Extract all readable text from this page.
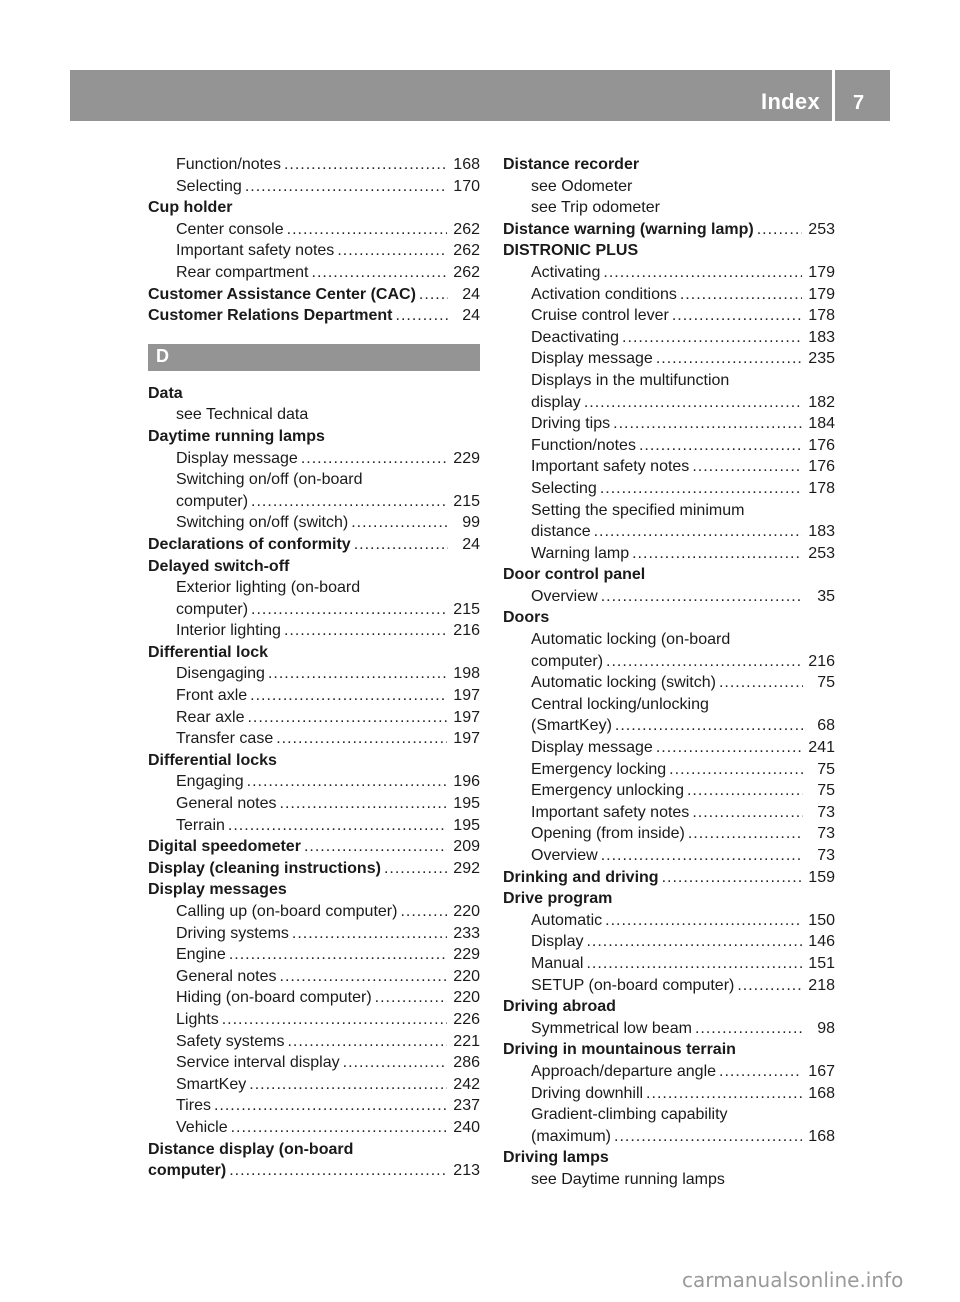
Index 7
Function/notes .....	168
Selecting .....	170
Cup holder
Center console .....	262
Important safety notes .....	262
Rear compartment .....	262
Customer Assistance Center (CAC) .....	24
Customer Relations Department .....	24
D
Data
see Technical data
Daytime running lamps
Display message .....	229
Switching on/off (on-board
computer) .....	215
Switching on/off (switch) .....	99
Declarations of conformity .....	24
Delayed switch-off
Exterior lighting (on-board
computer) .....	215
Interior lighting .....	216
Differential lock
Disengaging .....	198
Front axle .....	197
Rear axle .....	197
Transfer case .....	197
Differential locks
Engaging .....	196
General notes .....	195
Terrain .....	195
Digital speedometer .....	209
Display (cleaning instructions) .....	292
Display messages
Calling up (on-board computer) .....	220
Driving systems .....	233
Engine .....	229
General notes .....	220
Hiding (on-board computer) .....	220
Lights .....	226
Safety systems .....	221
Service interval display .....	286
SmartKey .....	242
Tires .....	237
Vehicle .....	240
Distance display (on-board
computer) .....	213
Distance recorder
see Odometer
see Trip odometer
Distance warning (warning lamp) .....	253
DISTRONIC PLUS
Activating .....	179
Activation conditions .....	179
Cruise control lever .....	178
Deactivating .....	183
Display message .....	235
Displays in the multifunction
display .....	182
Driving tips .....	184
Function/notes .....	176
Important safety notes .....	176
Selecting .....	178
Setting the specified minimum
distance .....	183
Warning lamp .....	253
Door control panel
Overview .....	35
Doors
Automatic locking (on-board
computer) .....	216
Automatic locking (switch) .....	75
Central locking/unlocking
(SmartKey) .....	68
Display message .....	241
Emergency locking .....	75
Emergency unlocking .....	75
Important safety notes .....	73
Opening (from inside) .....	73
Overview .....	73
Drinking and driving .....	159
Drive program
Automatic .....	150
Display .....	146
Manual .....	151
SETUP (on-board computer) .....	218
Driving abroad
Symmetrical low beam .....	98
Driving in mountainous terrain
Approach/departure angle .....	167
Driving downhill .....	168
Gradient-climbing capability
(maximum) .....	168
Driving lamps
see Daytime running lamps
carmanualsonline.info
